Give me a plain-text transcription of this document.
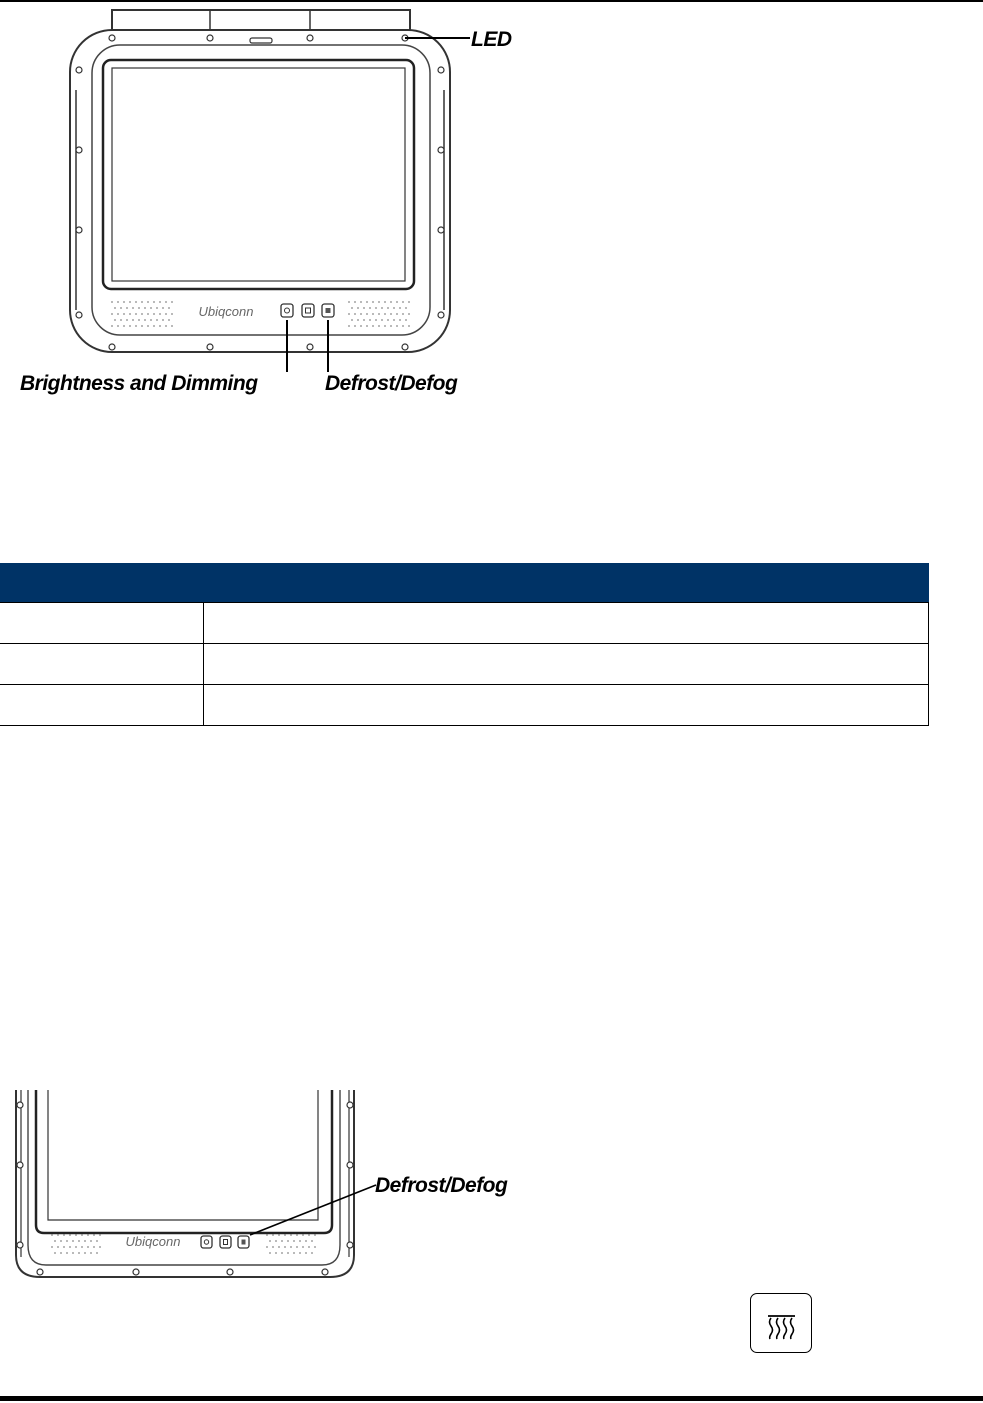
Ubiqconn
LED
Brightness and Dimming	Defrost/Defog

Ubiqconn
Defrost/Defog
